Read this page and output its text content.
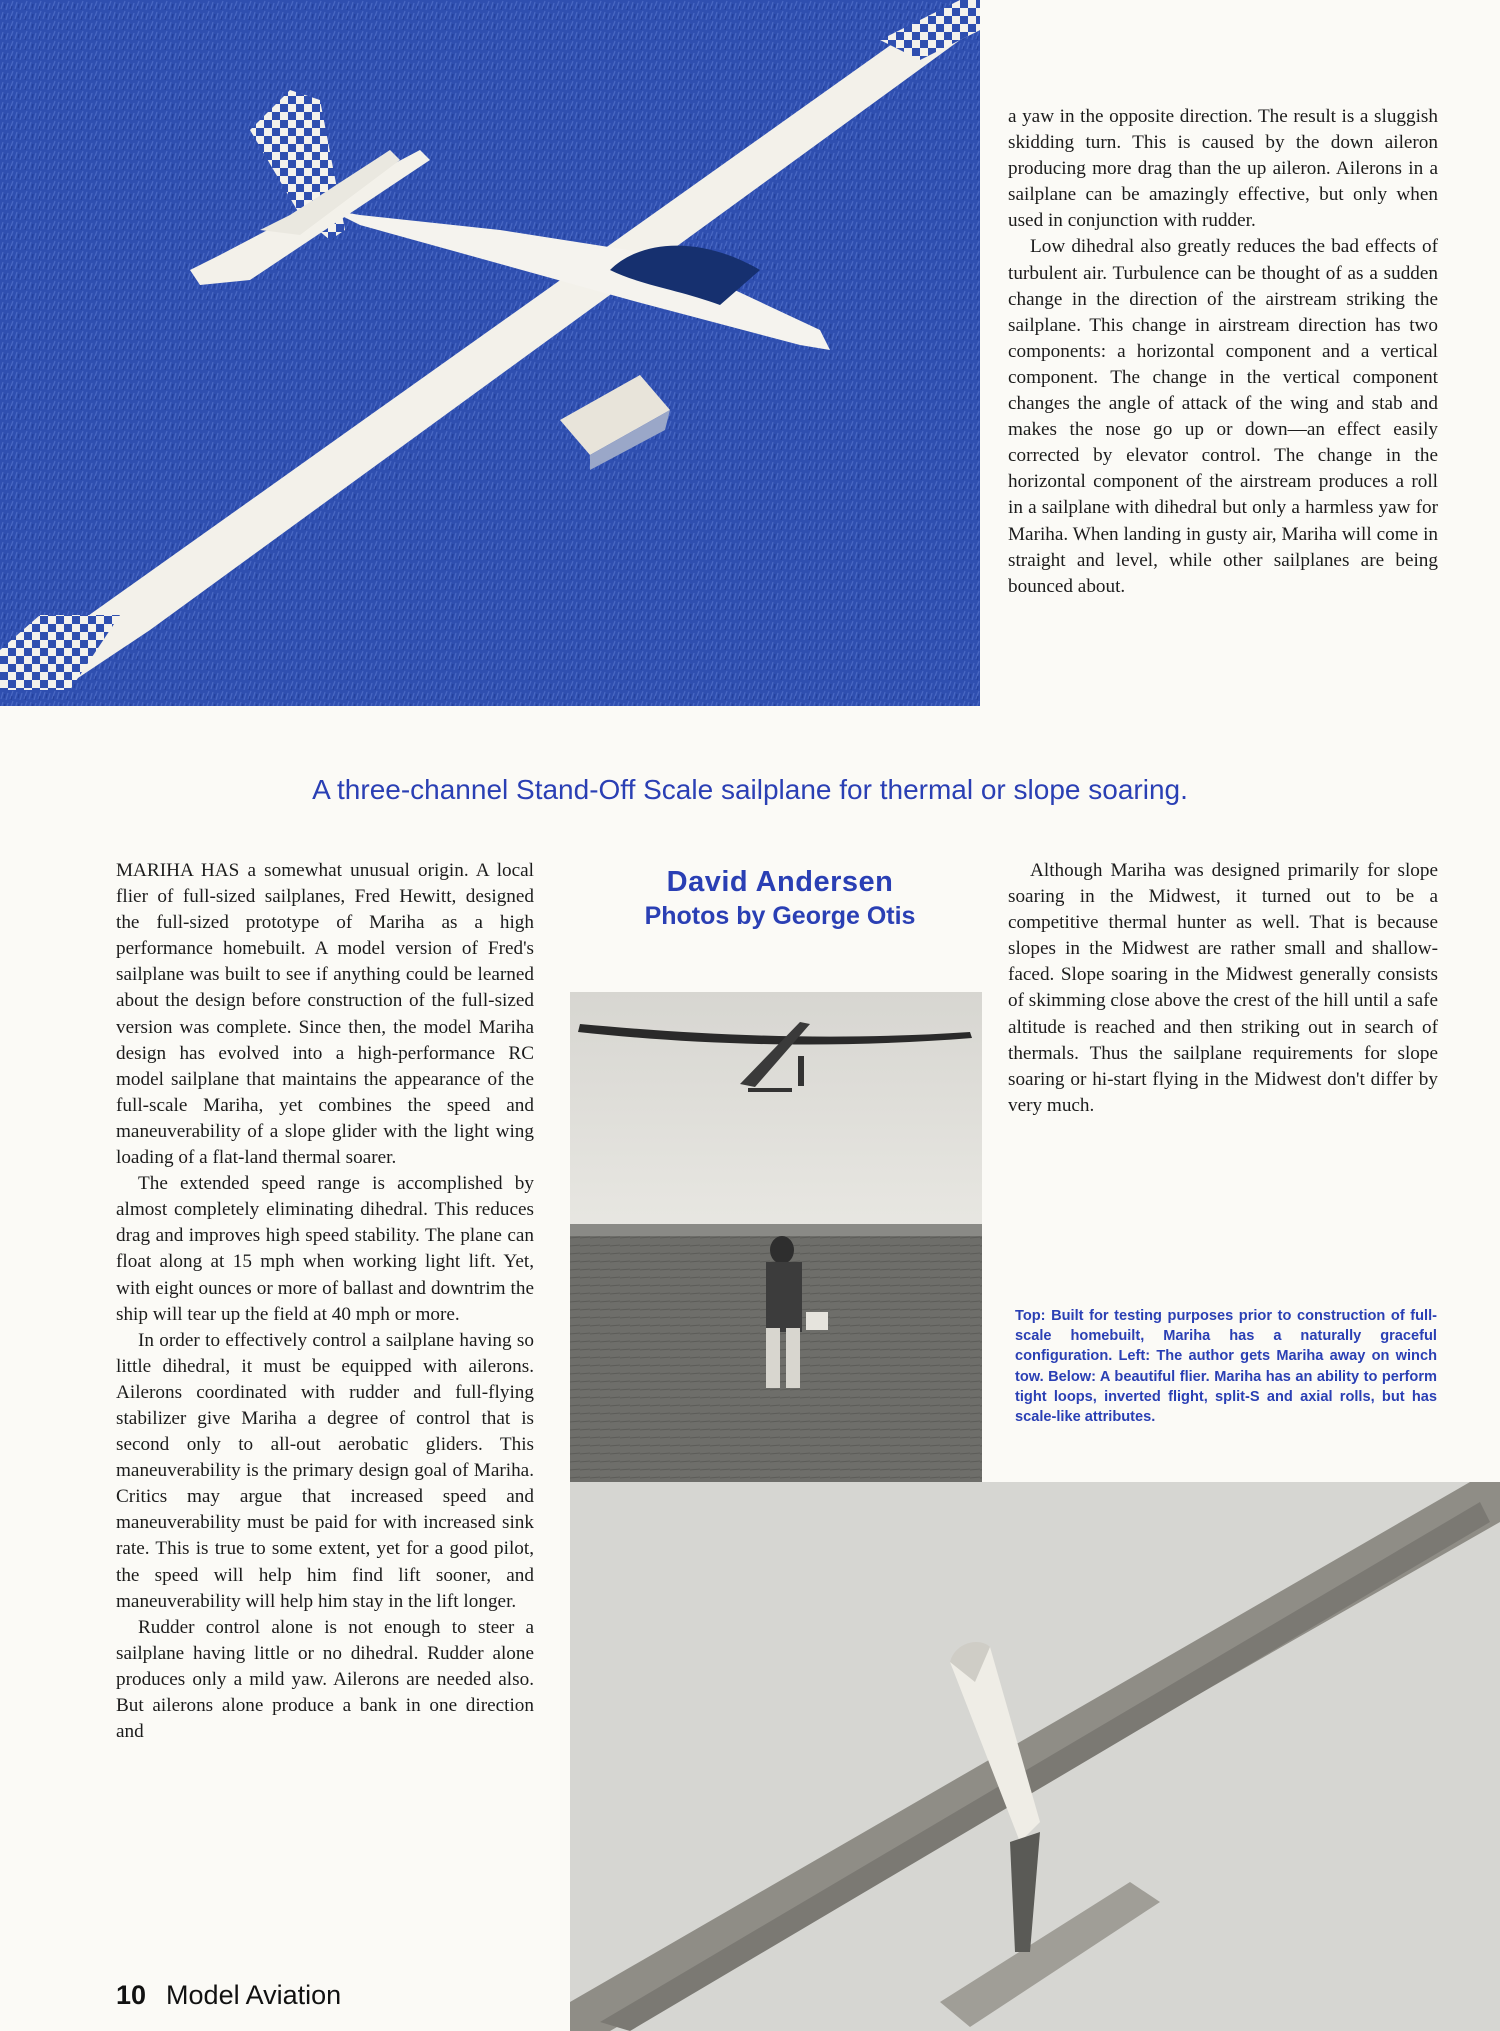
a yaw in the opposite direction. The result is a sluggish skidding turn. This is caused by the down aileron producing more drag than the up aileron. Ailerons in a sailplane can be amazingly effective, but only when used in conjunction with rudder.

Low dihedral also greatly reduces the bad effects of turbulent air. Turbulence can be thought of as a sudden change in the direction of the airstream striking the sailplane. This change in airstream direction has two components: a horizontal component and a vertical component. The change in the vertical component changes the angle of attack of the wing and stab and makes the nose go up or down—an effect easily corrected by elevator control. The change in the horizontal component of the airstream produces a roll in a sailplane with dihedral but only a harmless yaw for Mariha. When landing in gusty air, Mariha will come in straight and level, while other sailplanes are being bounced about.

A three-channel Stand-Off Scale sailplane for thermal or slope soaring.
David Andersen
Photos by George Otis

MARIHA HAS a somewhat unusual origin. A local flier of full-sized sailplanes, Fred Hewitt, designed the full-sized prototype of Mariha as a high performance homebuilt. A model version of Fred's sailplane was built to see if anything could be learned about the design before construction of the full-sized version was complete. Since then, the model Mariha design has evolved into a high-performance RC model sailplane that maintains the appearance of the full-scale Mariha, yet combines the speed and maneuverability of a slope glider with the light wing loading of a flat-land thermal soarer.

The extended speed range is accomplished by almost completely eliminating dihedral. This reduces drag and improves high speed stability. The plane can float along at 15 mph when working light lift. Yet, with eight ounces or more of ballast and downtrim the ship will tear up the field at 40 mph or more.

In order to effectively control a sailplane having so little dihedral, it must be equipped with ailerons. Ailerons coordinated with rudder and full-flying stabilizer give Mariha a degree of control that is second only to all-out aerobatic gliders. This maneuverability is the primary design goal of Mariha. Critics may argue that increased speed and maneuverability must be paid for with increased sink rate. This is true to some extent, yet for a good pilot, the speed will help him find lift sooner, and maneuverability will help him stay in the lift longer.

Rudder control alone is not enough to steer a sailplane having little or no dihedral. Rudder alone produces only a mild yaw. Ailerons are needed also. But ailerons alone produce a bank in one direction and

Although Mariha was designed primarily for slope soaring in the Midwest, it turned out to be a competitive thermal hunter as well. That is because slopes in the Midwest are rather small and shallow-faced. Slope soaring in the Midwest generally consists of skimming close above the crest of the hill until a safe altitude is reached and then striking out in search of thermals. Thus the sailplane requirements for slope soaring or hi-start flying in the Midwest don't differ by very much.

Top: Built for testing purposes prior to construction of full-scale homebuilt, Mariha has a naturally graceful configuration. Left: The author gets Mariha away on winch tow. Below: A beautiful flier. Mariha has an ability to perform tight loops, inverted flight, split-S and axial rolls, but has scale-like attributes.
10 Model Aviation
